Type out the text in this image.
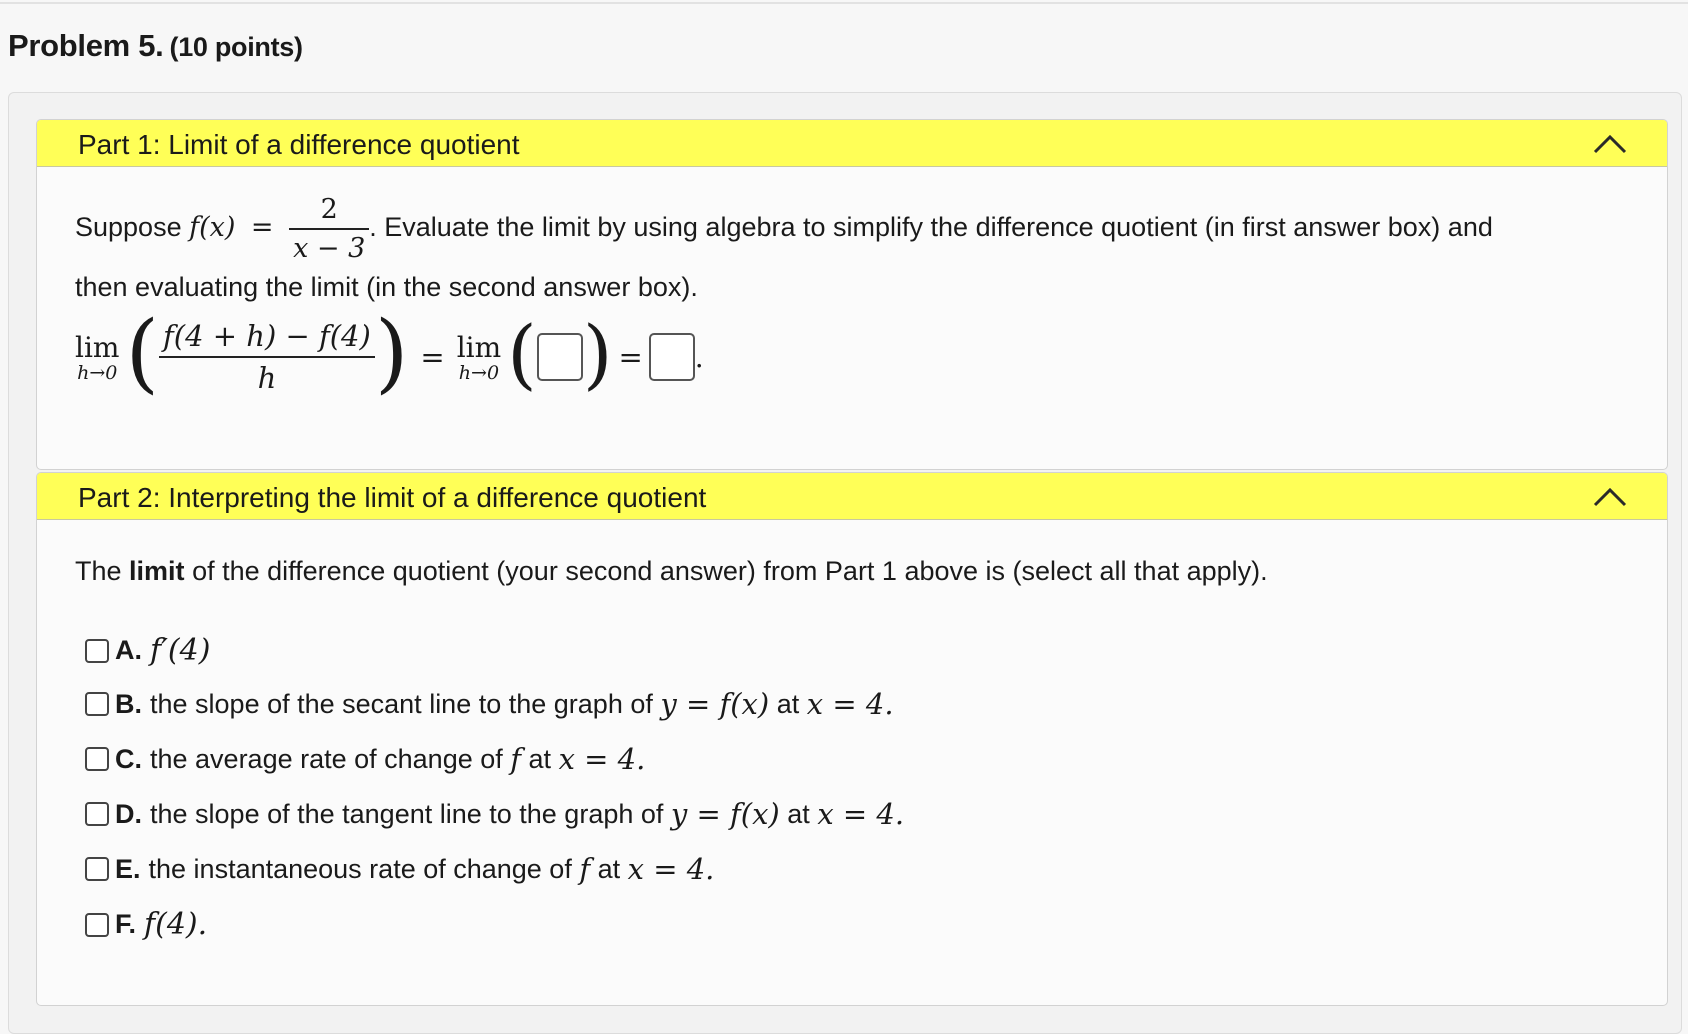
Problem 5. (10 points)
Part 1: Limit of a difference quotient
Suppose $f(x) = \frac{2}{x - 3}$ . Evaluate the limit by using algebra to simplify the difference quotient (in first answer box) and
then evaluating the limit (in the second answer box).
lim
h→0 ( $\frac{f(4 + h) - f(4)}{h}$ ) = lim
h→0 ( ) = .
Part 2: Interpreting the limit of a difference quotient
The limit of the difference quotient (your second answer) from Part 1 above is (select all that apply).
A. f′(4)
B. the slope of the secant line to the graph of
y = f(x)
at
x = 4.
C. the average rate of change of
f
at
x = 4.
D. the slope of the tangent line to the graph of
y = f(x)
at
x = 4.
E. the instantaneous rate of change of
f
at
x = 4.
F. f(4).
